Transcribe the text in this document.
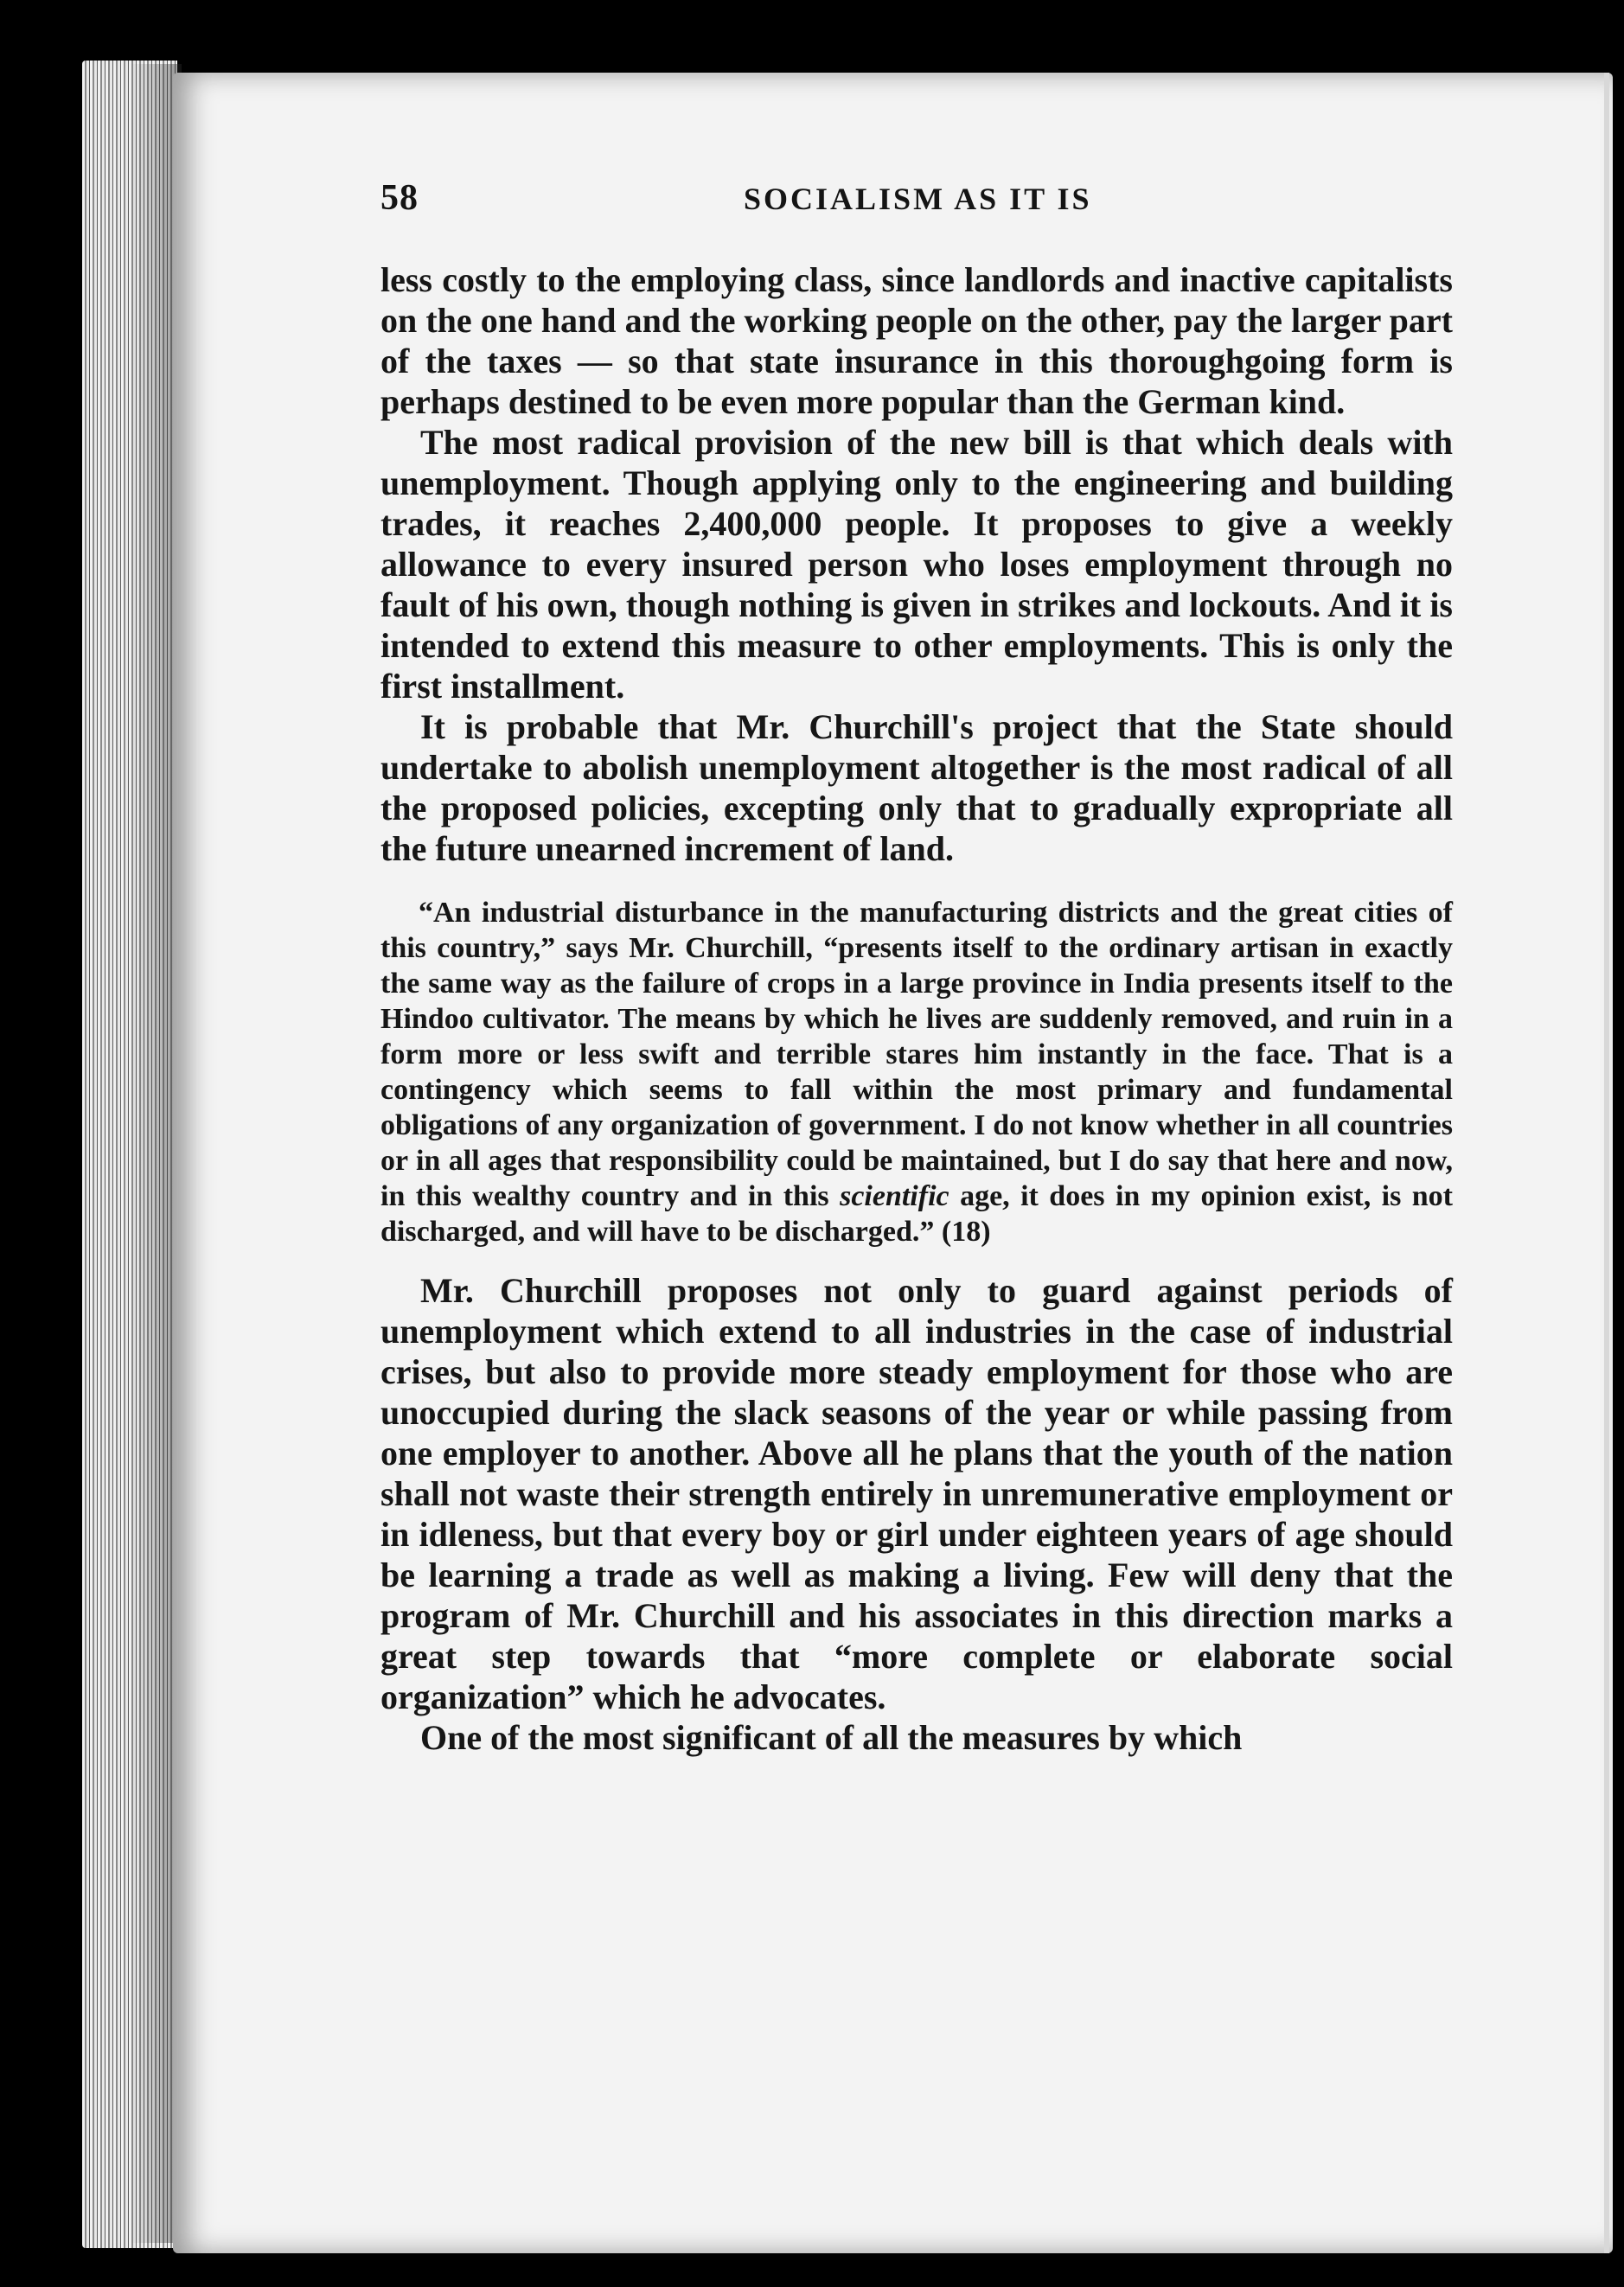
58	SOCIALISM AS IT IS

less costly to the employing class, since landlords and inactive capitalists on the one hand and the working people on the other, pay the larger part of the taxes — so that state insurance in this thoroughgoing form is perhaps destined to be even more popular than the German kind.

The most radical provision of the new bill is that which deals with unemployment. Though applying only to the engineering and building trades, it reaches 2,400,000 people. It proposes to give a weekly allowance to every insured person who loses employment through no fault of his own, though nothing is given in strikes and lockouts. And it is intended to extend this measure to other employments. This is only the first installment.

It is probable that Mr. Churchill's project that the State should undertake to abolish unemployment altogether is the most radical of all the proposed policies, excepting only that to gradually expropriate all the future unearned increment of land.

“An industrial disturbance in the manufacturing districts and the great cities of this country,” says Mr. Churchill, “presents itself to the ordinary artisan in exactly the same way as the failure of crops in a large province in India presents itself to the Hindoo cultivator. The means by which he lives are suddenly removed, and ruin in a form more or less swift and terrible stares him instantly in the face. That is a contingency which seems to fall within the most primary and fundamental obligations of any organization of government. I do not know whether in all countries or in all ages that responsibility could be maintained, but I do say that here and now, in this wealthy country and in this scientific age, it does in my opinion exist, is not discharged, and will have to be discharged.” (18)

Mr. Churchill proposes not only to guard against periods of unemployment which extend to all industries in the case of industrial crises, but also to provide more steady employment for those who are unoccupied during the slack seasons of the year or while passing from one employer to another. Above all he plans that the youth of the nation shall not waste their strength entirely in unremunerative employment or in idleness, but that every boy or girl under eighteen years of age should be learning a trade as well as making a living. Few will deny that the program of Mr. Churchill and his associates in this direction marks a great step towards that “more complete or elaborate social organization” which he advocates.

One of the most significant of all the measures by which
